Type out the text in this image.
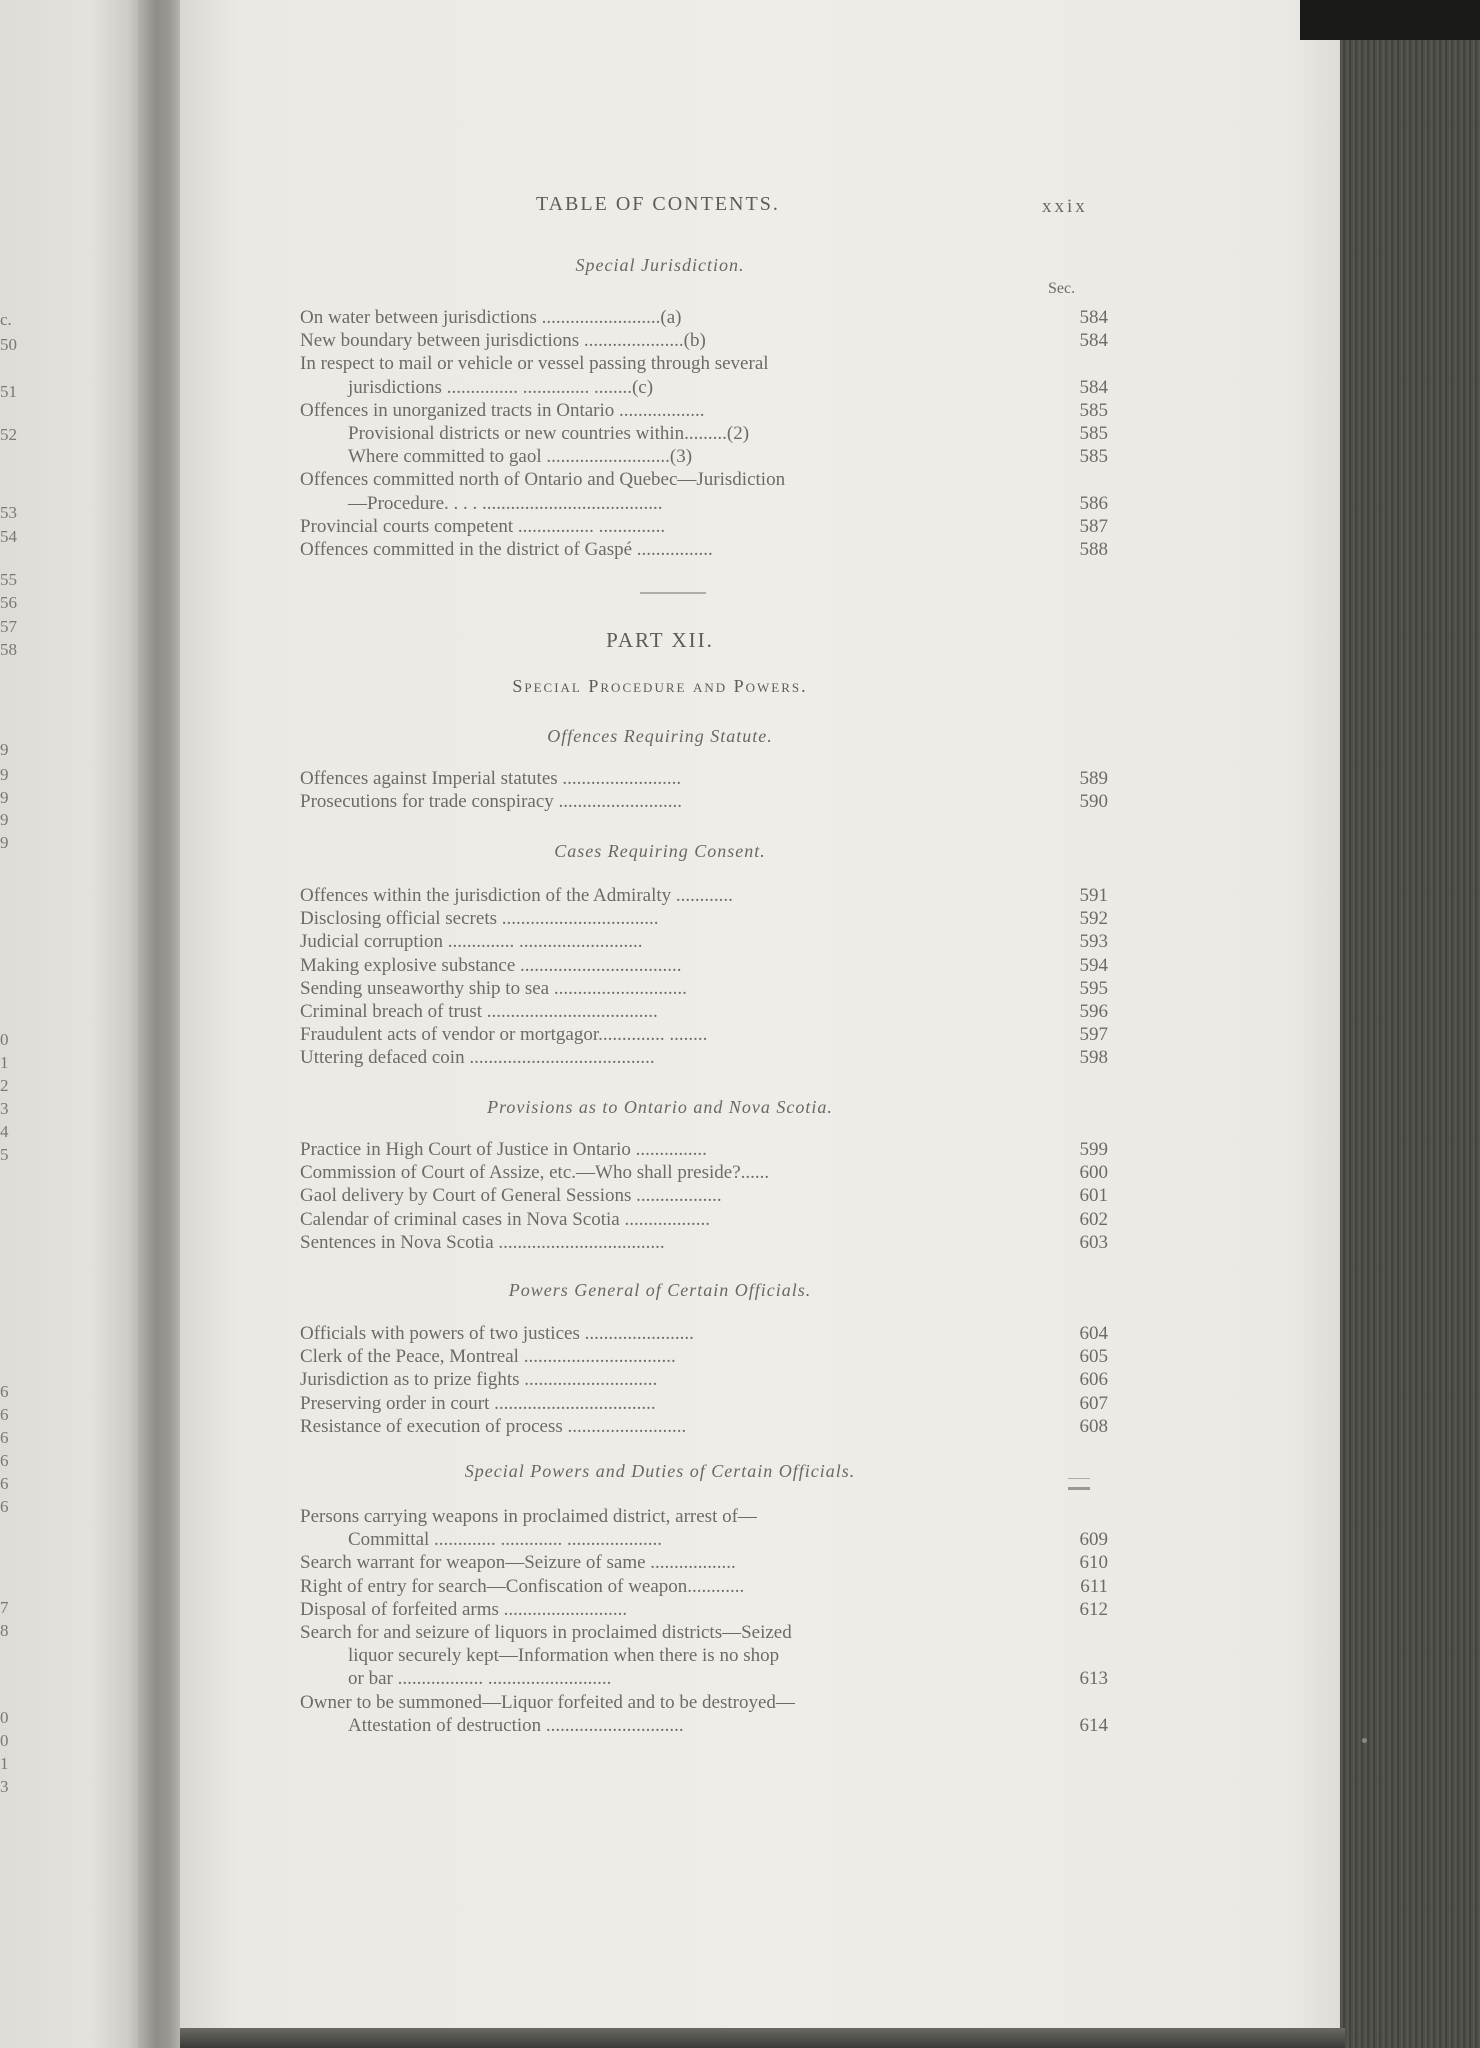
c.
50
51
52
53
54
55
56
57
58
9
9
9
9
9
0
1
2
3
4
5
6
6
6
6
6
6
7
8
0
0
1
3
TABLE OF CONTENTS.	xxix
Sec.
PART XII.
Special Procedure and Powers.
Special Jurisdiction.
On water between jurisdictions .........................(a)	584
New boundary between jurisdictions .....................(b)	584
In respect to mail or vehicle or vessel passing through several
jurisdictions ............... .............. ........(c)	584
Offences in unorganized tracts in Ontario ..................	585
Provisional districts or new countries within.........(2)	585
Where committed to gaol ..........................(3)	585
Offences committed north of Ontario and Quebec—Jurisdiction
—Procedure. . . . ......................................	586
Provincial courts competent ................ ..............	587
Offences committed in the district of Gaspé ................	588
Offences Requiring Statute.
Offences against Imperial statutes .........................	589
Prosecutions for trade conspiracy ..........................	590
Cases Requiring Consent.
Offences within the jurisdiction of the Admiralty ............	591
Disclosing official secrets .................................	592
Judicial corruption .............. ..........................	593
Making explosive substance ..................................	594
Sending unseaworthy ship to sea ............................	595
Criminal breach of trust ....................................	596
Fraudulent acts of vendor or mortgagor.............. ........	597
Uttering defaced coin .......................................	598
Provisions as to Ontario and Nova Scotia.
Practice in High Court of Justice in Ontario ...............	599
Commission of Court of Assize, etc.—Who shall preside?......	600
Gaol delivery by Court of General Sessions ..................	601
Calendar of criminal cases in Nova Scotia ..................	602
Sentences in Nova Scotia ...................................	603
Powers General of Certain Officials.
Officials with powers of two justices .......................	604
Clerk of the Peace, Montreal ................................	605
Jurisdiction as to prize fights ............................	606
Preserving order in court ..................................	607
Resistance of execution of process .........................	608
Special Powers and Duties of Certain Officials.
Persons carrying weapons in proclaimed district, arrest of—
Committal ............. ............. ....................	609
Search warrant for weapon—Seizure of same ..................	610
Right of entry for search—Confiscation of weapon............	611
Disposal of forfeited arms ..........................	612
Search for and seizure of liquors in proclaimed districts—Seized
liquor securely kept—Information when there is no shop
or bar .................. ..........................	613
Owner to be summoned—Liquor forfeited and to be destroyed—
Attestation of destruction .............................	614
